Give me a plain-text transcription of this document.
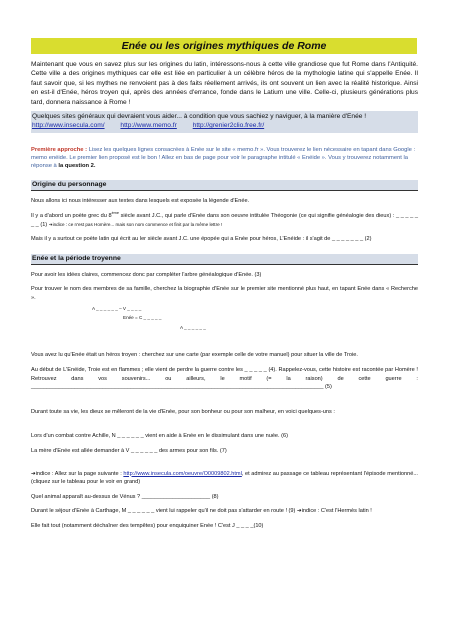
Enée ou les origines mythiques de Rome

Maintenant que vous en savez plus sur les origines du latin, intéressons-nous à cette ville grandiose que fut Rome dans l'Antiquité. Cette ville a des origines mythiques car elle est liée en particulier à un célèbre héros de la mythologie latine qui s'appelle Enée. Il faut savoir que, si les mythes ne renvoient pas à des faits réellement arrivés, ils ont souvent un lien avec la réalité historique. Ainsi en est-il d'Enée, héros troyen qui, après des années d'errance, fonde dans le Latium une ville. Celle-ci, plusieurs générations plus tard, donnera naissance à Rome !

Quelques sites généraux qui devraient vous aider... à condition que vous sachiez y naviguer, à la manière d'Enée ! http://www.insecula.com/ http://www.memo.fr http://grenier2clio.free.fr/
Première approche : Lisez les quelques lignes consacrées à Enée sur le site « memo.fr ». Vous trouverez le lien nécessaire en tapant dans Google : memo enéide. Le premier lien proposé est le bon ! Allez en bas de page pour voir le paragraphe intitulé « Enéide ». Vous y trouverez notamment la réponse à la question 2.
Origine du personnage

Nous allons ici nous intéresser aux textes dans lesquels est exposée la légende d'Enée.

Il y a d'abord un poète grec du 8ème siècle avant J.C., qui parle d'Enée dans son oeuvre intitulée Théogonie (ce qui signifie généalogie des dieux) : _ _ _ _ _ _ _ (1) ➔indice : ce n'est pas Homère... mais son nom commence et finit par la même lettre !

Mais il y a surtout ce poète latin qui écrit au ler siècle avant J.C. une épopée qui a Enée pour héros, L'Enéide : il s'agit de _ _ _ _ _ _ _ (2)

Enée et la période troyenne

Pour avoir les idées claires, commencez donc par compléter l'arbre généalogique d'Enée. (3)

Pour trouver le nom des membres de sa famille, cherchez la biographie d'Enée sur le premier site mentionné plus haut, en tapant Enée dans « Recherche ».

A _ _ _ _ _ _ – V _ _ _ _
Enée = C _ _ _ _ _
A _ _ _ _ _ _

Vous avez lu qu'Enée était un héros troyen : cherchez sur une carte (par exemple celle de votre manuel) pour situer la ville de Troie.

Au début de L'Enéide, Troie est en flammes ; elle vient de perdre la guerre contre les _ _ _ _ _ (4). Rappelez-vous, cette histoire est racontée par Homère ! Retrouvez dans vos souvenirs... ou ailleurs, le motif (= la raison) de cette guerre : ______________________________________________________________________________________________ (5)

Durant toute sa vie, les dieux se mêleront de la vie d'Enée, pour son bonheur ou pour son malheur, en voici quelques-uns :

Lors d'un combat contre Achille, N _ _ _ _ _ _ vient en aide à Enée en le dissimulant dans une nuée. (6)

La mère d'Enée est allée demander à V _ _ _ _ _ _ des armes pour son fils. (7)

➔indice : Allez sur la page suivante : http://www.insecula.com/oeuvre/O0009802.html, et admirez au passage ce tableau représentant l'épisode mentionné... (cliquez sur le tableau pour le voir en grand)

Quel animal apparaît au-dessus de Vénus ? ______________________ (8)

Durant le séjour d'Enée à Carthage, M _ _ _ _ _ _ vient lui rappeler qu'il ne doit pas s'attarder en route ! (9) ➔indice : C'est l'Hermès latin !

Elle fait tout (notamment déchaîner des tempêtes) pour enquiquiner Enée ! C'est J _ _ _ _(10)
